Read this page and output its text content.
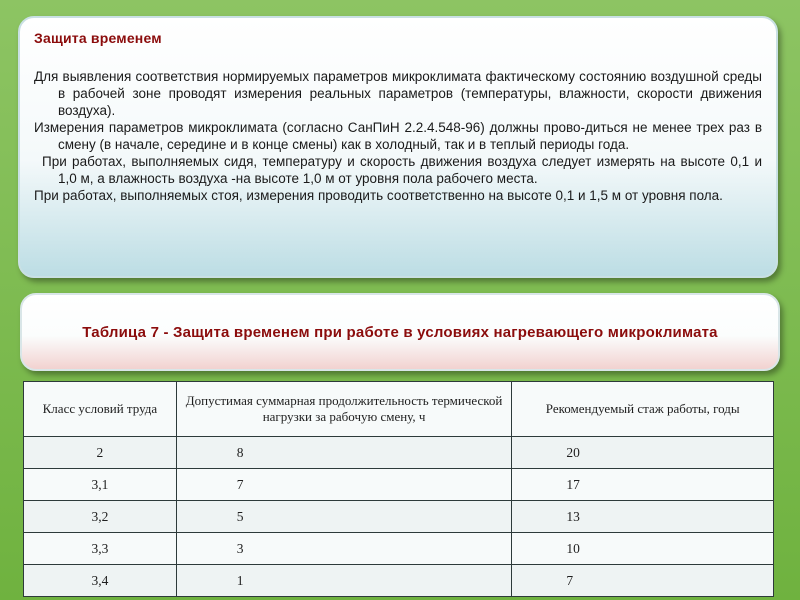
Защита временем

Для выявления соответствия нормируемых параметров микроклимата фактическому состоянию воздушной среды в рабочей зоне проводят измерения реальных параметров (температуры, влажности, скорости движения воздуха).

Измерения параметров микроклимата (согласно СанПиН 2.2.4.548-96) должны прово-диться не менее трех раз в смену (в начале, середине и в конце смены) как в холодный, так и в теплый периоды года.

При работах, выполняемых сидя, температуру и скорость движения воздуха следует измерять на высоте 0,1 и 1,0 м, а влажность воздуха -на высоте 1,0 м от уровня пола рабочего места.

При работах, выполняемых стоя, измерения проводить соответственно на высоте 0,1 и 1,5 м от уровня пола.

Таблица 7 - Защита временем при работе в условиях нагревающего микроклимата
Класс условий труда	Допустимая суммарная продолжительность термической нагрузки за рабочую смену, ч	Рекомендуемый стаж работы, годы
2	8	20
3,1	7	17
3,2	5	13
3,3	3	10
3,4	1	7
